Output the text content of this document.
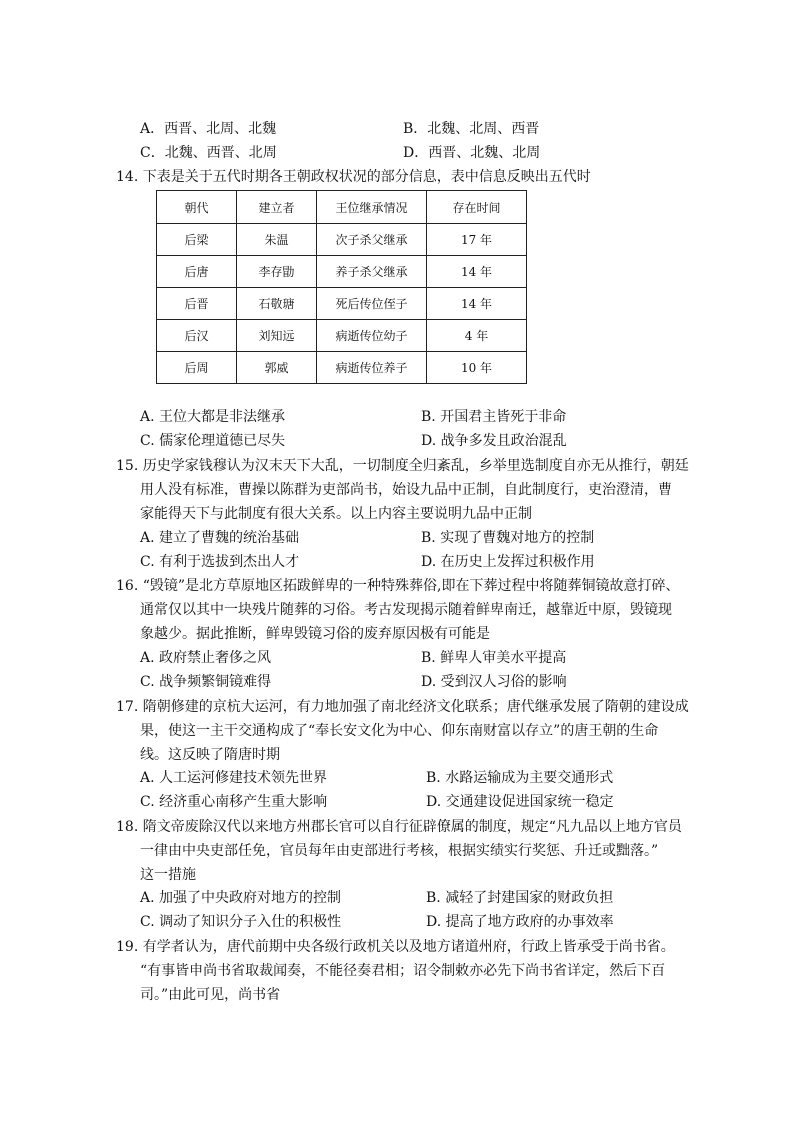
A．西晋、北周、北魏	B．北魏、北周、西晋
C．北魏、西晋、北周	D．西晋、北魏、北周
14. 下表是关于五代时期各王朝政权状况的部分信息，表中信息反映出五代时
朝代	建立者	王位继承情况	存在时间
后梁	朱温	次子杀父继承	17 年
后唐	李存勖	养子杀父继承	14 年
后晋	石敬瑭	死后传位侄子	14 年
后汉	刘知远	病逝传位幼子	4 年
后周	郭威	病逝传位养子	10 年
A. 王位大都是非法继承	B. 开国君主皆死于非命
C. 儒家伦理道德已尽失	D. 战争多发且政治混乱
15. 历史学家钱穆认为汉末天下大乱，一切制度全归紊乱，乡举里选制度自亦无从推行，朝廷
用人没有标准，曹操以陈群为吏部尚书，始设九品中正制，自此制度行，吏治澄清，曹
家能得天下与此制度有很大关系。以上内容主要说明九品中正制
A. 建立了曹魏的统治基础	B. 实现了曹魏对地方的控制
C. 有利于选拔到杰出人才	D. 在历史上发挥过积极作用
16. “毁镜”是北方草原地区拓跋鲜卑的一种特殊葬俗,即在下葬过程中将随葬铜镜故意打碎、
通常仅以其中一块残片随葬的习俗。考古发现揭示随着鲜卑南迁，越靠近中原，毁镜现
象越少。据此推断，鲜卑毁镜习俗的废弃原因极有可能是
A. 政府禁止奢侈之风	B. 鲜卑人审美水平提高
C. 战争频繁铜镜难得	D. 受到汉人习俗的影响
17. 隋朝修建的京杭大运河，有力地加强了南北经济文化联系；唐代继承发展了隋朝的建设成
果，使这一主干交通构成了“奉长安文化为中心、仰东南财富以存立”的唐王朝的生命
线。这反映了隋唐时期
A. 人工运河修建技术领先世界	B. 水路运输成为主要交通形式
C. 经济重心南移产生重大影响	D. 交通建设促进国家统一稳定
18. 隋文帝废除汉代以来地方州郡长官可以自行征辟僚属的制度，规定“凡九品以上地方官员
一律由中央吏部任免，官员每年由吏部进行考核，根据实绩实行奖惩、升迁或黜落。”
这一措施
A. 加强了中央政府对地方的控制	B. 减轻了封建国家的财政负担
C. 调动了知识分子入仕的积极性	D. 提高了地方政府的办事效率
19. 有学者认为，唐代前期中央各级行政机关以及地方诸道州府，行政上皆承受于尚书省。
“有事皆申尚书省取裁闻奏，不能径奏君相；诏令制敕亦必先下尚书省详定，然后下百
司。”由此可见，尚书省
